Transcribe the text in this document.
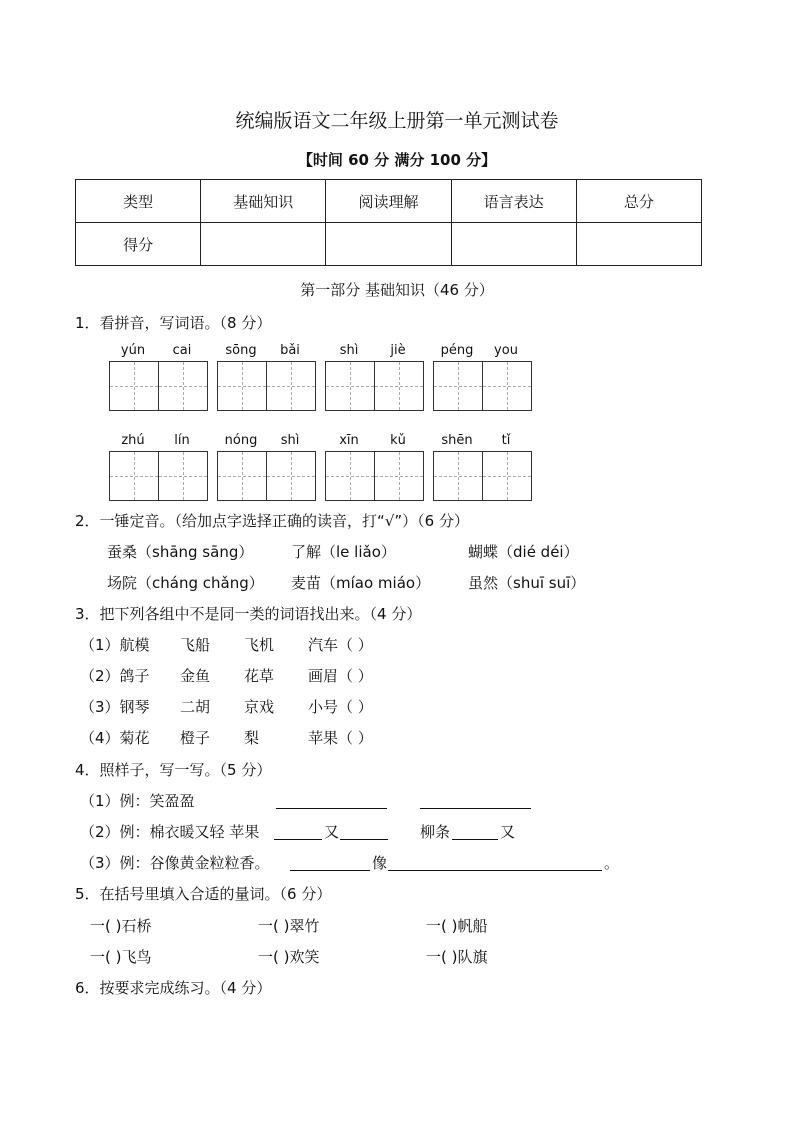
统编版语文二年级上册第一单元测试卷
【时间 60 分 满分 100 分】
类型	基础知识	阅读理解	语言表达	总分
得分				
第一部分 基础知识（46 分）
1．看拼音，写词语。（8 分）
yún	cai	sōng	bǎi	shì	jiè	péng	you
zhú	lín	nóng	shì	xīn	kǔ	shēn	tǐ
2．一锤定音。（给加点字选择正确的读音，打“√”）（6 分）
蚕桑（shāng sāng）	了解（le liǎo）	蝴蝶（dié déi）
场院（cháng chǎng） 麦苗（míao miáo）	虽然（shuī suī）
3．把下列各组中不是同一类的词语找出来。（4 分）
（1）航模 飞船 飞机 汽车（ ）
（2）鸽子 金鱼 花草 画眉（ ）
（3）钢琴 二胡 京戏 小号（ ）
（4）菊花 橙子 梨	苹果（ ）
4．照样子，写一写。（5 分）
（1）例：笑盈盈
（2）例：棉衣暖又轻 苹果	又	柳条	又
（3）例：谷像黄金粒粒香。	像	。
5．在括号里填入合适的量词。（6 分）
一( )石桥	一( )翠竹	一( )帆船
一( )飞鸟	一( )欢笑	一( )队旗
6．按要求完成练习。（4 分）
